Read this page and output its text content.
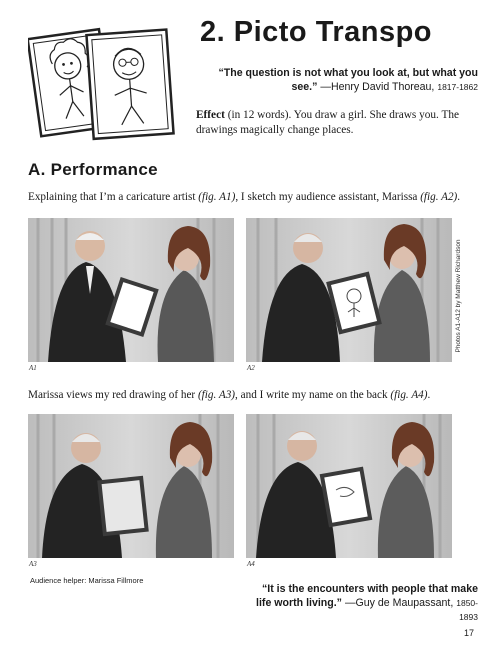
2. Picto Transpo
“The question is not what you look at, but what you see.” —Henry David Thoreau, 1817-1862
Effect (in 12 words). You draw a girl. She draws you. The drawings magically change places.
A. Performance
Explaining that I’m a caricature artist (fig. A1), I sketch my audience assistant, Marissa (fig. A2).
Photos A1-A12 by Matthew Richardson
A1	A2
Marissa views my red drawing of her (fig. A3), and I write my name on the back (fig. A4).
A3	A4
Audience helper: Marissa Fillmore
“It is the encounters with people that make life worth living.” —Guy de Maupassant, 1850-1893
17
